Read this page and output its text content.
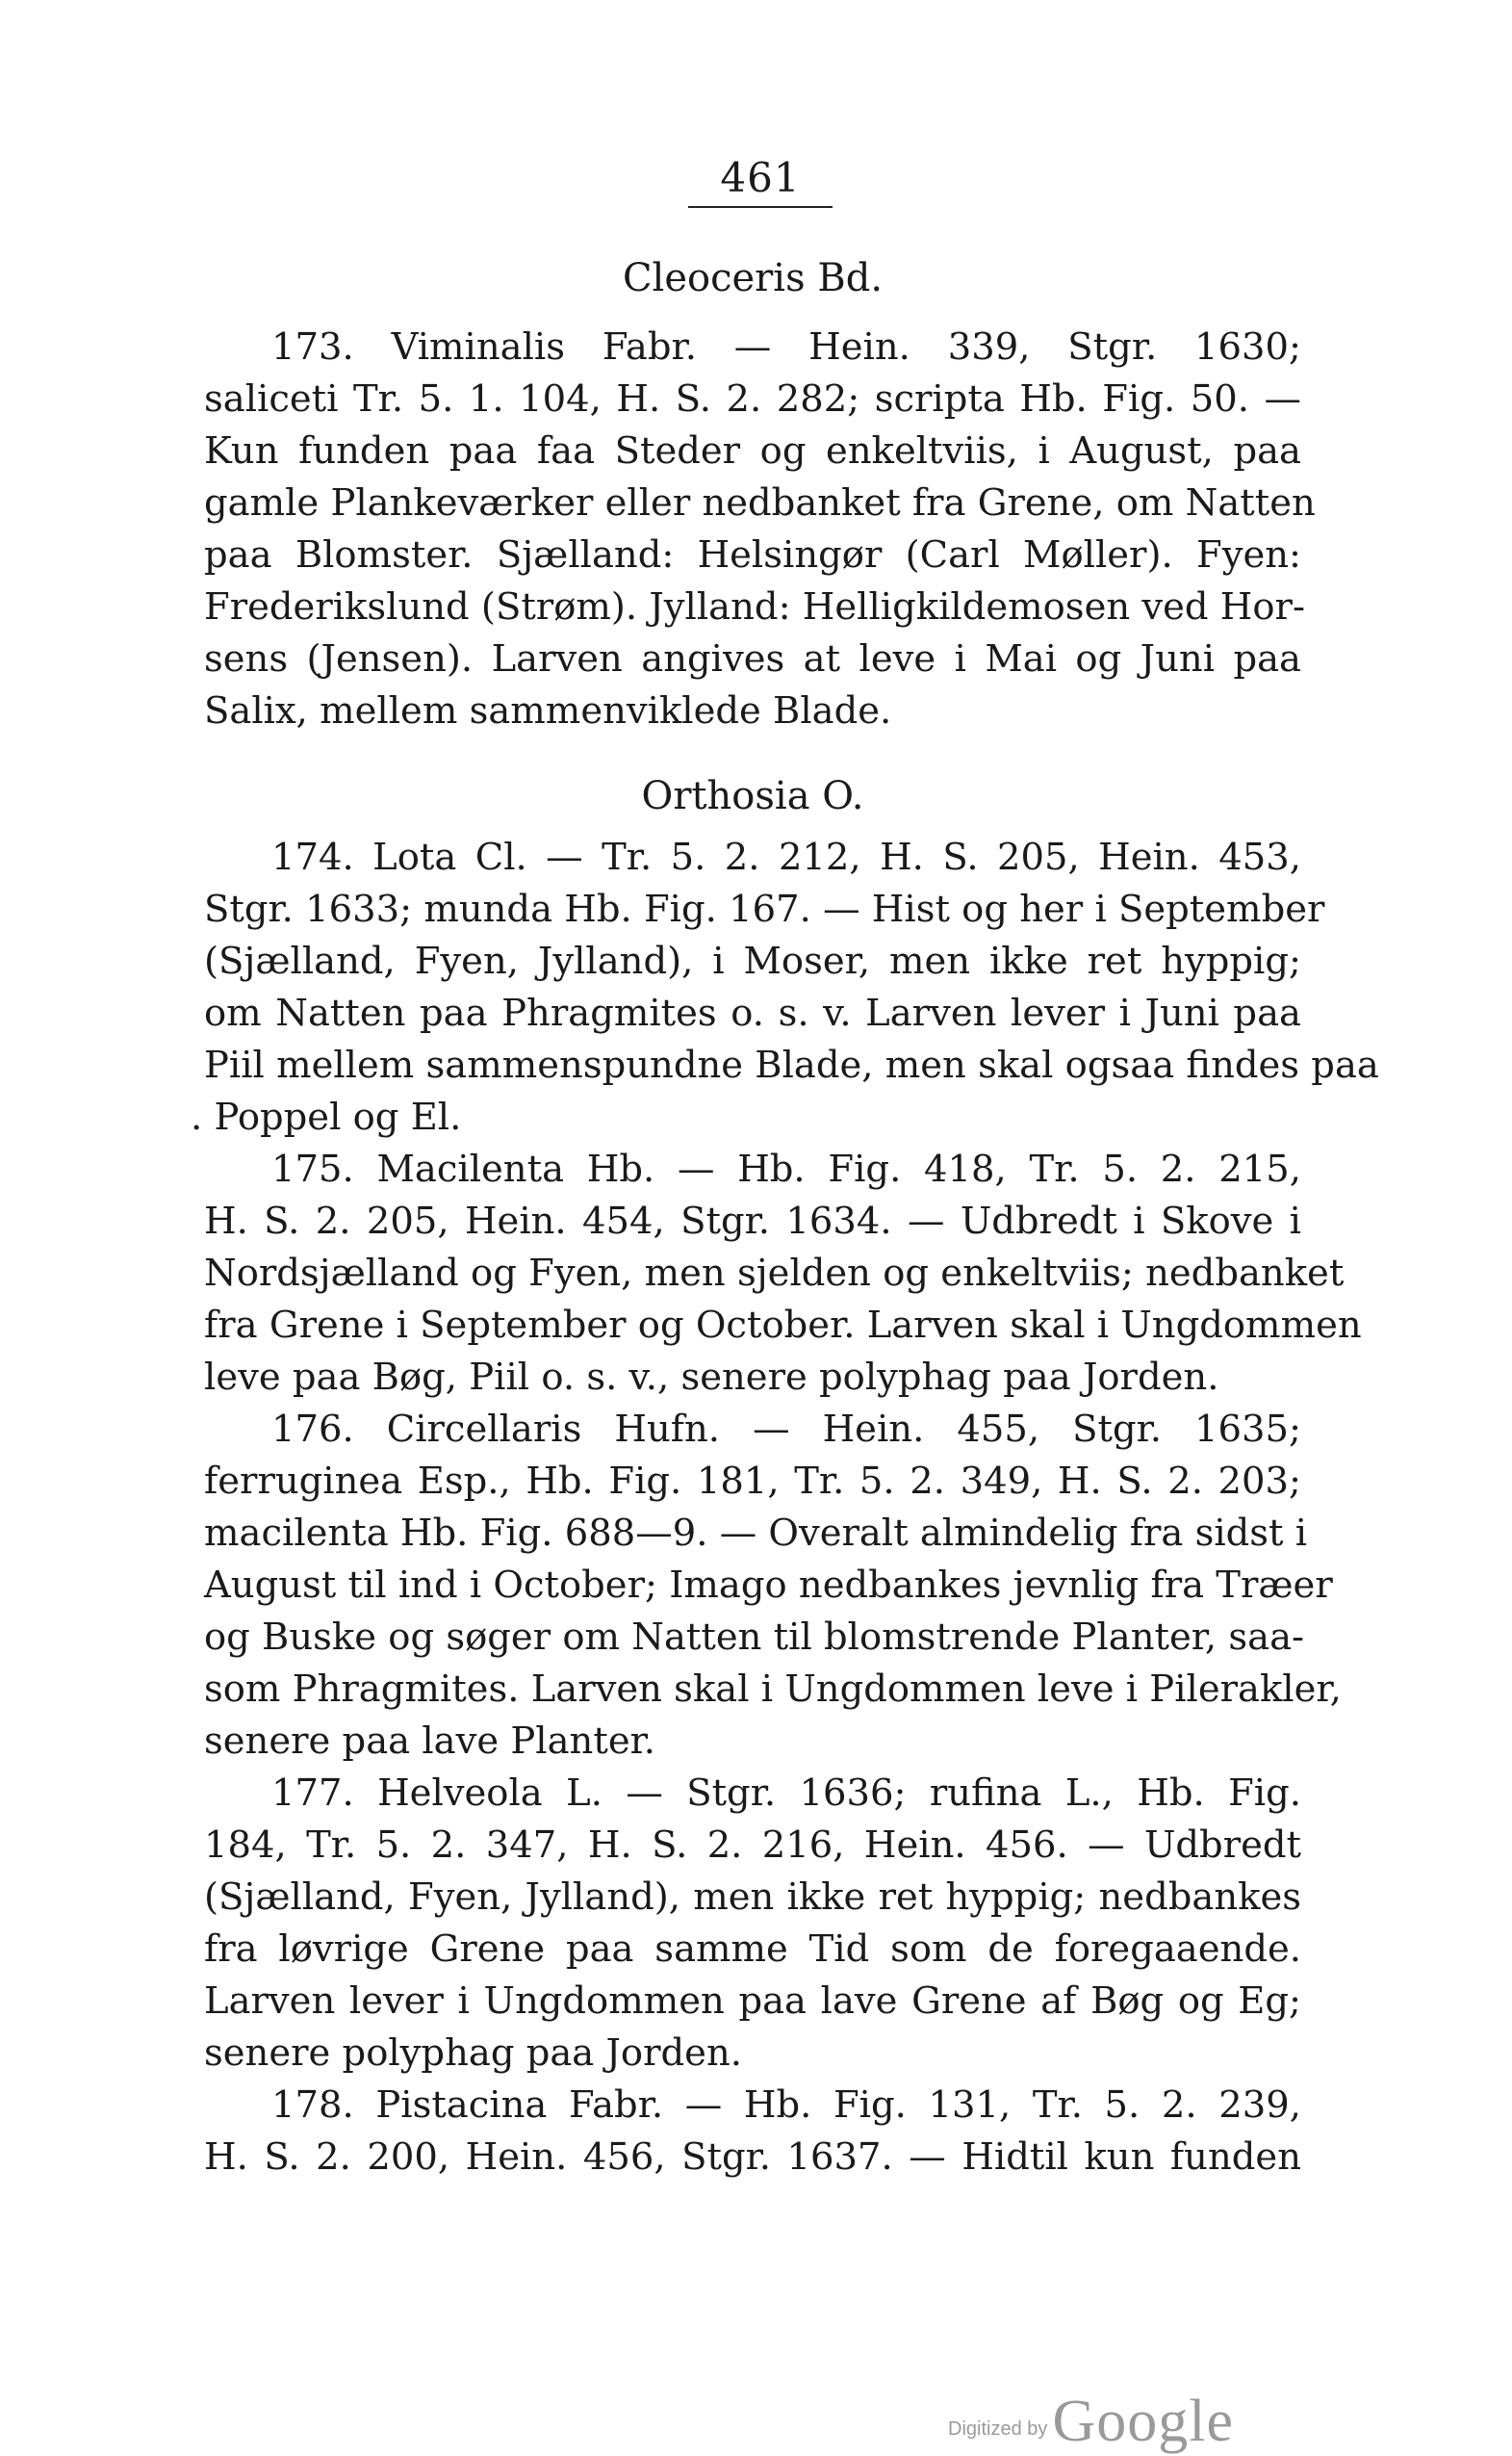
461
Cleoceris Bd.
173. Viminalis Fabr. — Hein. 339, Stgr. 1630;
saliceti Tr. 5. 1. 104, H. S. 2. 282; scripta Hb. Fig. 50. —
Kun funden paa faa Steder og enkeltviis, i August, paa
gamle Plankeværker eller nedbanket fra Grene, om Natten
paa Blomster. Sjælland: Helsingør (Carl Møller). Fyen:
Frederikslund (Strøm). Jylland: Helligkildemosen ved Hor-
sens (Jensen). Larven angives at leve i Mai og Juni paa
Salix, mellem sammenviklede Blade.
Orthosia O.
174. Lota Cl. — Tr. 5. 2. 212, H. S. 205, Hein. 453,
Stgr. 1633; munda Hb. Fig. 167. — Hist og her i September
(Sjælland, Fyen, Jylland), i Moser, men ikke ret hyppig;
om Natten paa Phragmites o. s. v. Larven lever i Juni paa
Piil mellem sammenspundne Blade, men skal ogsaa findes paa
. Poppel og El.
175. Macilenta Hb. — Hb. Fig. 418, Tr. 5. 2. 215,
H. S. 2. 205, Hein. 454, Stgr. 1634. — Udbredt i Skove i
Nordsjælland og Fyen, men sjelden og enkeltviis; nedbanket
fra Grene i September og October. Larven skal i Ungdommen
leve paa Bøg, Piil o. s. v., senere polyphag paa Jorden.
176. Circellaris Hufn. — Hein. 455, Stgr. 1635;
ferruginea Esp., Hb. Fig. 181, Tr. 5. 2. 349, H. S. 2. 203;
macilenta Hb. Fig. 688—9. — Overalt almindelig fra sidst i
August til ind i October; Imago nedbankes jevnlig fra Træer
og Buske og søger om Natten til blomstrende Planter, saa-
som Phragmites. Larven skal i Ungdommen leve i Pilerakler,
senere paa lave Planter.
177. Helveola L. — Stgr. 1636; rufina L., Hb. Fig.
184, Tr. 5. 2. 347, H. S. 2. 216, Hein. 456. — Udbredt
(Sjælland, Fyen, Jylland), men ikke ret hyppig; nedbankes
fra løvrige Grene paa samme Tid som de foregaaende.
Larven lever i Ungdommen paa lave Grene af Bøg og Eg;
senere polyphag paa Jorden.
178. Pistacina Fabr. — Hb. Fig. 131, Tr. 5. 2. 239,
H. S. 2. 200, Hein. 456, Stgr. 1637. — Hidtil kun funden
Digitized by Google
